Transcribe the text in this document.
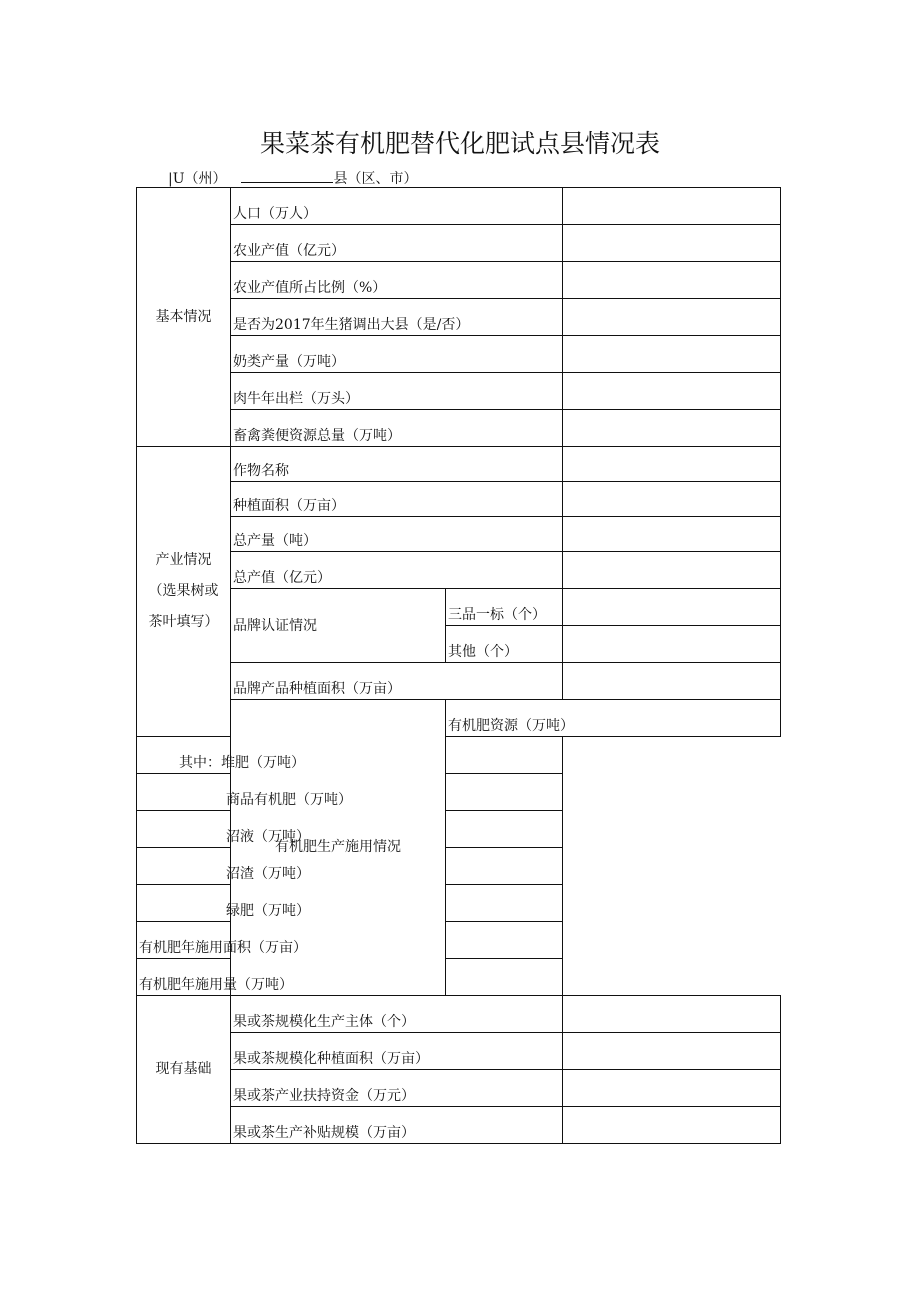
果菜茶有机肥替代化肥试点县情况表
|U（州）	县（区、市）
基本情况	人口（万人）			
	农业产值（亿元）			
	农业产值所占比例（%）			
	是否为2017年生猪调出大县（是/否）			
	奶类产量（万吨）			
	肉牛年出栏（万头）			
	畜禽粪便资源总量（万吨）			
产业情况（选果树或茶叶填写）	作物名称			
	种植面积（万亩）			
	总产量（吨）			
	总产值（亿元）			
	品牌认证情况	三品一标（个）		
		其他（个）		
	品牌产品种植面积（万亩）			
	有机肥生产施用情况	有机肥资源（万吨）		
其中：堆肥（万吨）				
商品有机肥（万吨）				
沼液（万吨）				
沼渣（万吨）				
绿肥（万吨）				
有机肥年施用面积（万亩）				
有机肥年施用量（万吨）				
现有基础	果或茶规模化生产主体（个）			
	果或茶规模化种植面积（万亩）			
	果或茶产业扶持资金（万元）			
	果或茶生产补贴规模（万亩）			
